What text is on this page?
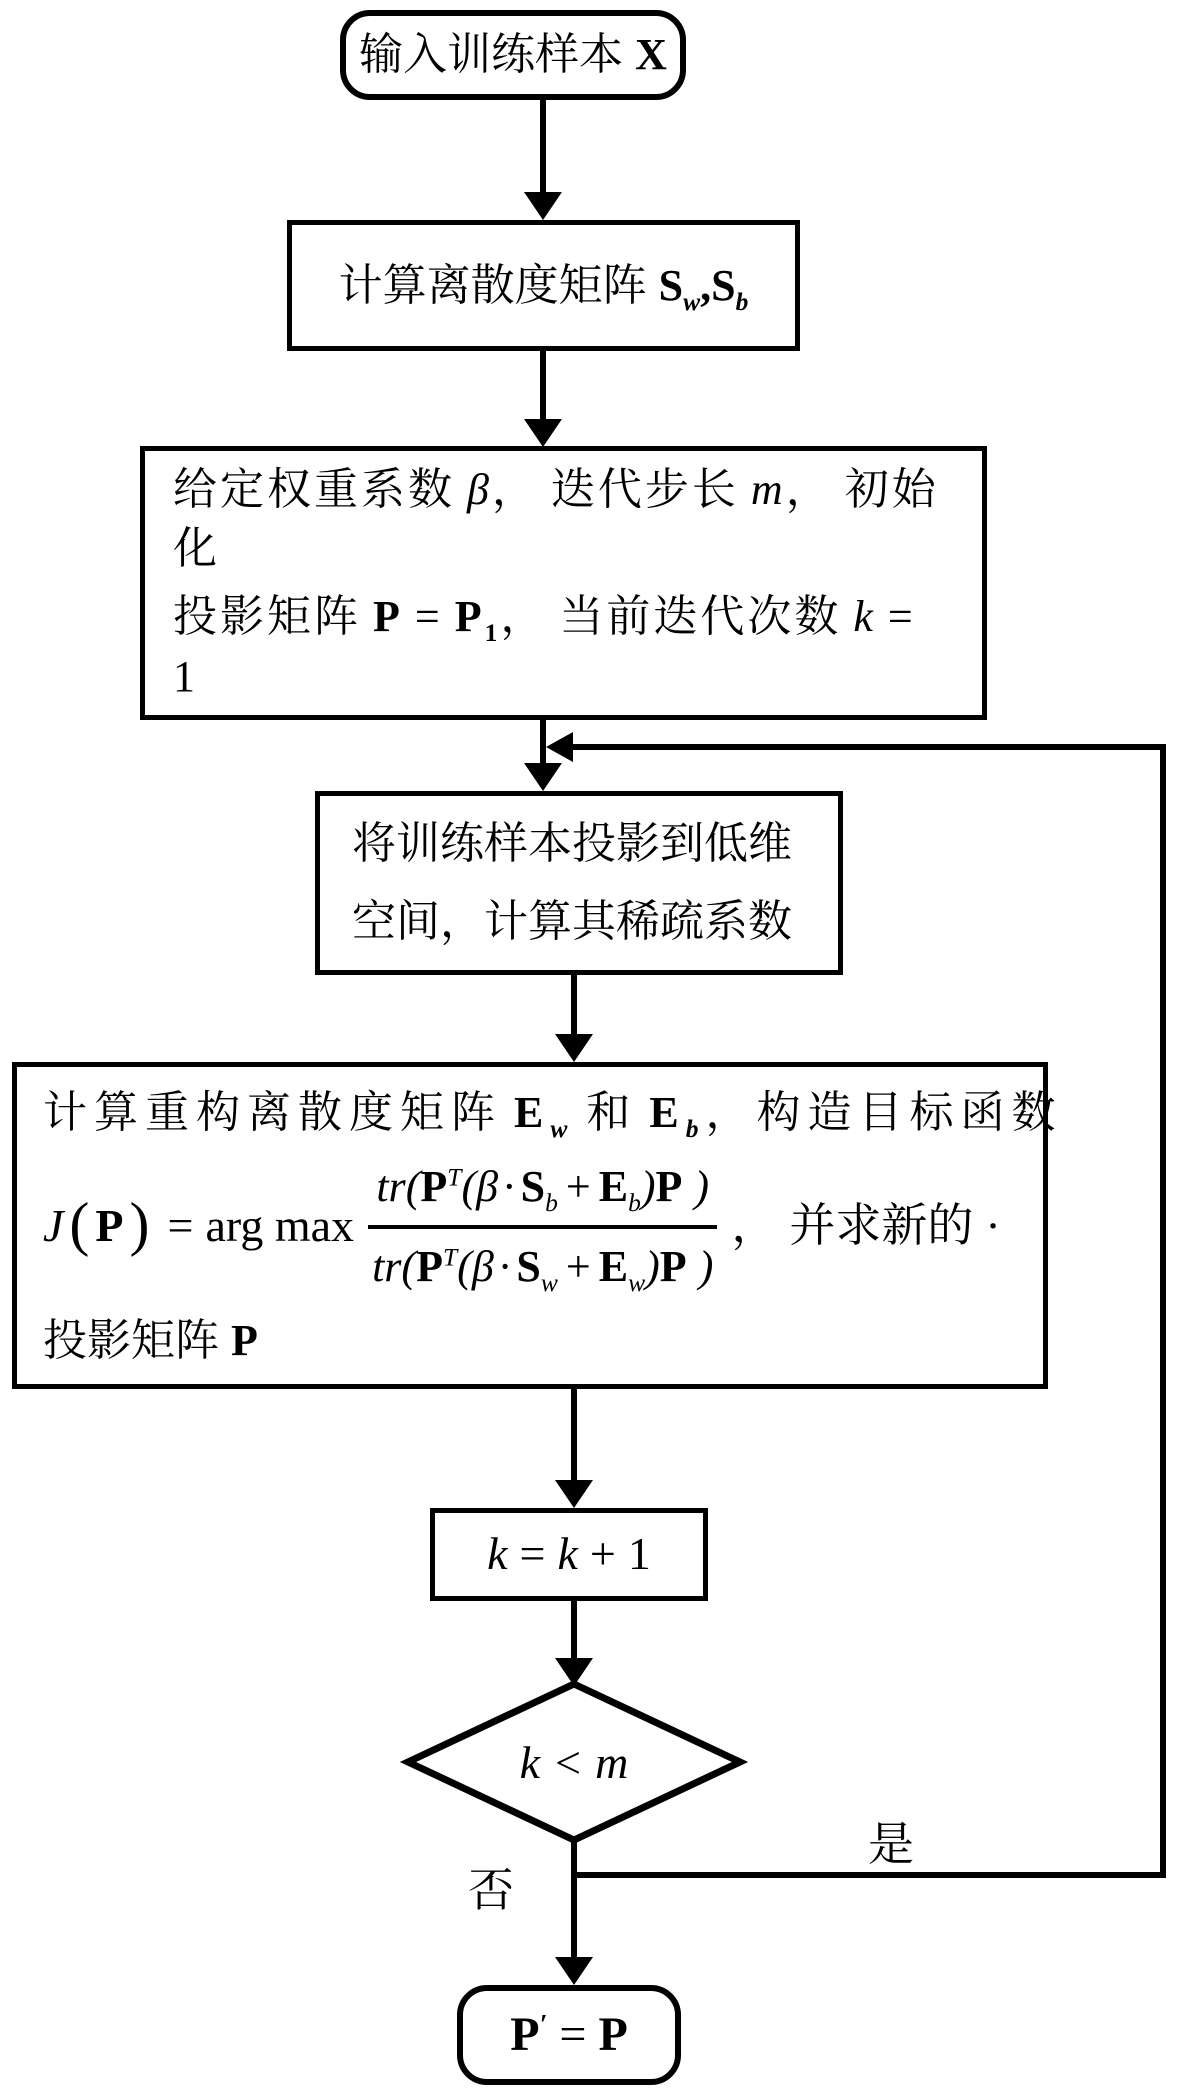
输入训练样本 X
计算离散度矩阵 $S_w$ , $S_b$
给定权重系数 β， 迭代步长 m， 初始化
投影矩阵 $P = P_1$， 当前迭代次数 k = 1
将训练样本投影到低维
空间，计算其稀疏系数
计算重构离散度矩阵 $E_w$ 和 $E_b$，构造目标函数
J ( P ) = arg $\max \frac{tr(P^T(\beta\cdot S_b + E_b)P )}{tr(P^T(\beta\cdot S_w + E_w)P )}$ ， 并求新的 ·
投影矩阵 P
k = k + 1
k < m
是
否
P′ = P
